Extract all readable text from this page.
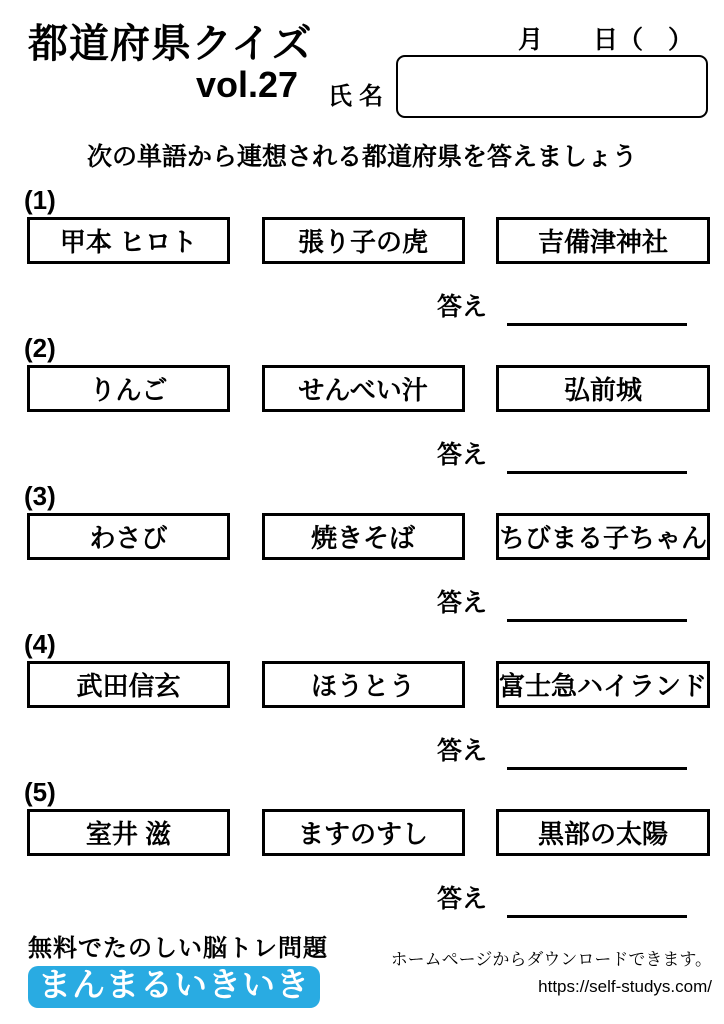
都道府県クイズ
vol.27
月　　日（　）
氏名
次の単語から連想される都道府県を答えましょう
(1)
甲本 ヒロト	張り子の虎	吉備津神社
答え
(2)
りんご	せんべい汁	弘前城
答え
(3)
わさび	焼きそば	ちびまる子ちゃん
答え
(4)
武田信玄	ほうとう	富士急ハイランド
答え
(5)
室井 滋	ますのすし	黒部の太陽
答え
無料でたのしい脳トレ問題
まんまるいきいき
ホームページからダウンロードできます。
https://self-studys.com/
